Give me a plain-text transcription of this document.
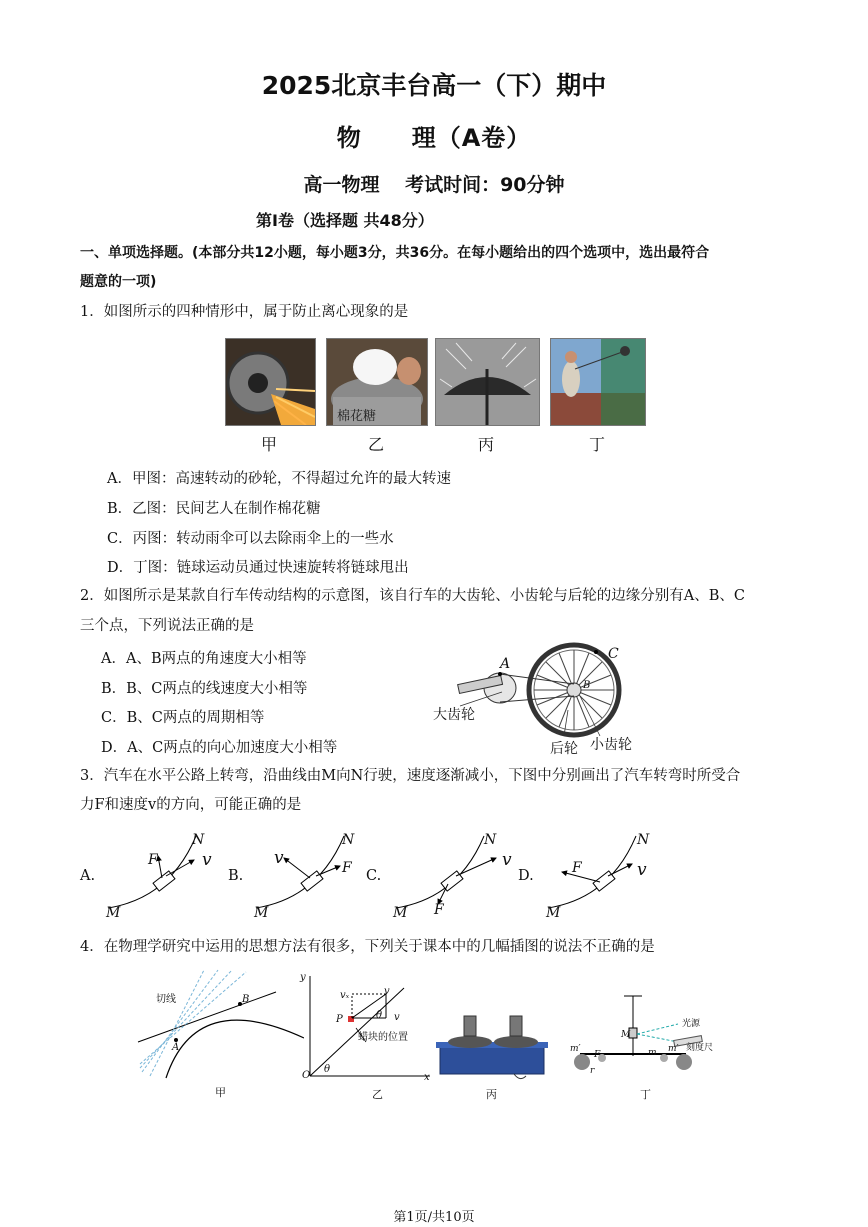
2025北京丰台高一（下）期中
物　　理（A卷）
高一物理　 考试时间：90分钟
第Ⅰ卷（选择题 共48分）
一、单项选择题。(本部分共12小题，每小题3分，共36分。在每小题给出的四个选项中，选出最符合
题意的一项)
1．如图所示的四种情形中，属于防止离心现象的是
棉花糖
甲	乙	丙	丁
A．甲图：高速转动的砂轮，不得超过允许的最大转速
B．乙图：民间艺人在制作棉花糖
C．丙图：转动雨伞可以去除雨伞上的一些水
D．丁图：链球运动员通过快速旋转将链球甩出
2．如图所示是某款自行车传动结构的示意图，该自行车的大齿轮、小齿轮与后轮的边缘分别有A、B、C
三个点，下列说法正确的是
A．A、B两点的角速度大小相等
B．B、C两点的线速度大小相等
C．B、C两点的周期相等
D．A、C两点的向心加速度大小相等
A
C
B
大齿轮
后轮 小齿轮
3．汽车在水平公路上转弯，沿曲线由M向N行驶，速度逐渐减小，下图中分别画出了汽车转弯时所受合
力F和速度v的方向，可能正确的是
A.	B.	C.	D.
M
N
F	v
M
N
v	F
M
N
F
v
M
N
F	v
4．在物理学研究中运用的思想方法有很多，下列关于课本中的几幅插图的说法不正确的是
切线
A
B
甲
y
x
O
P
θ
θ
vₓ	v
v
蜡块的位置
乙	丙
光源
刻度尺
M
m′	m′
m
F
r
丁
第1页/共10页
